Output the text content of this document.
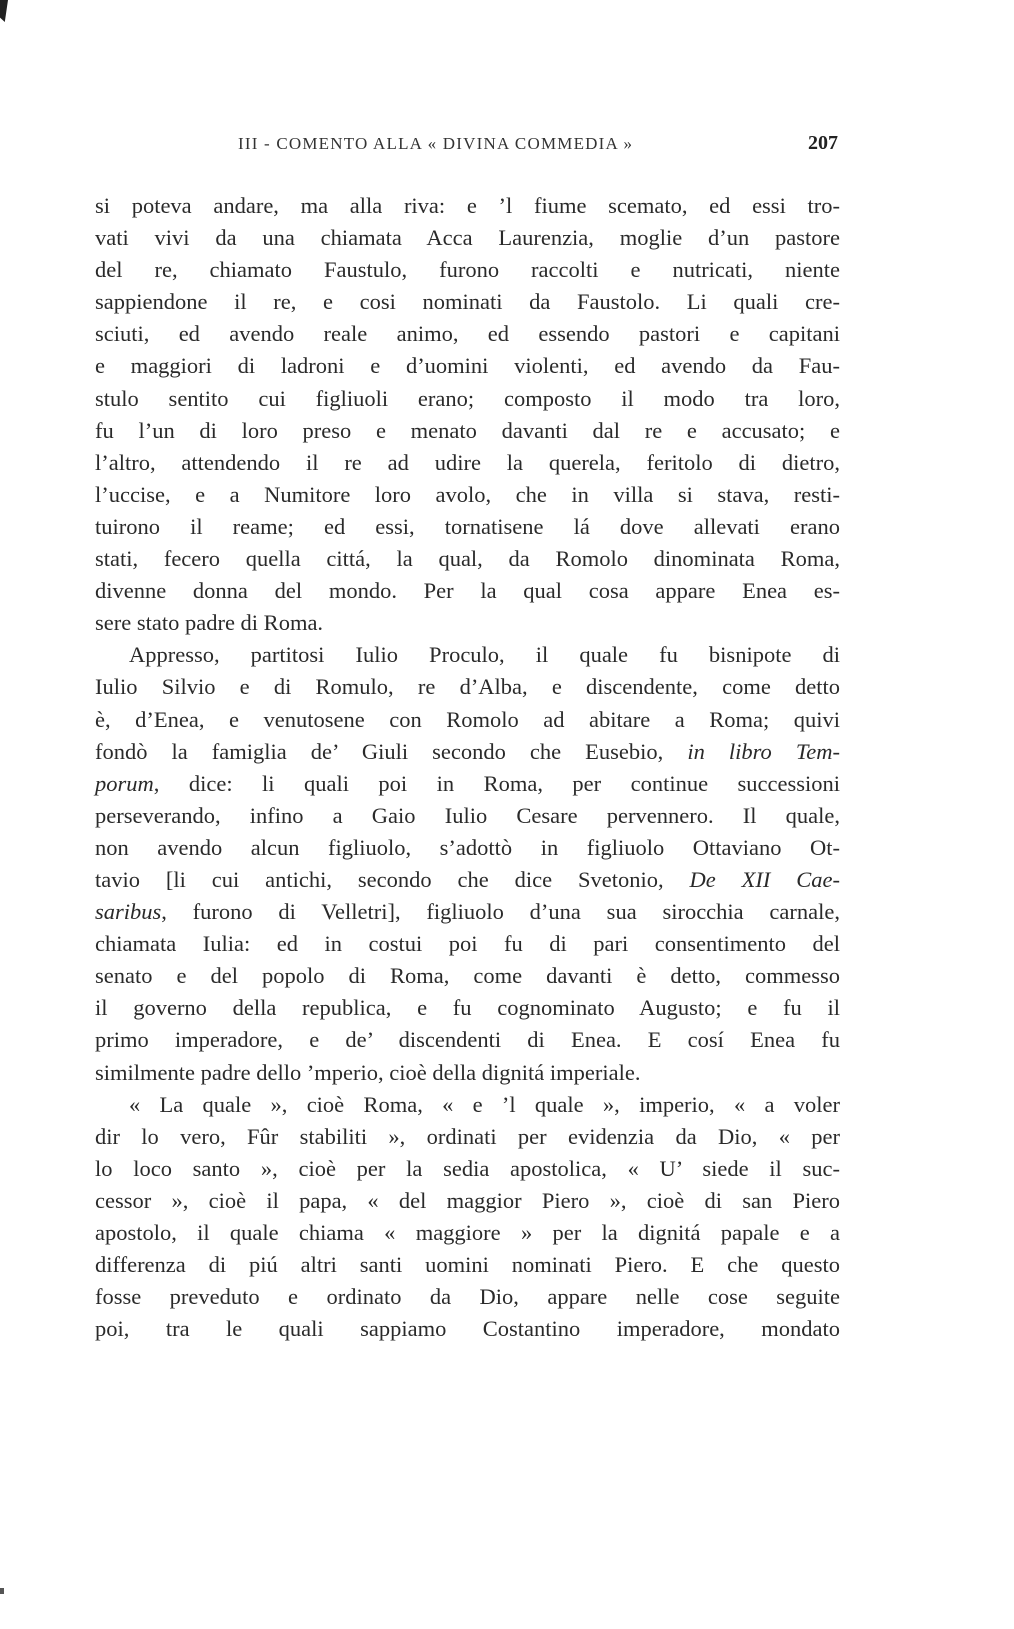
III - COMENTO ALLA « DIVINA COMMEDIA »	207
si poteva andare, ma alla riva: e ’l fiume scemato, ed essi tro-
vati vivi da una chiamata Acca Laurenzia, moglie d’un pastore
del re, chiamato Faustulo, furono raccolti e nutricati, niente
sappiendone il re, e cosi nominati da Faustolo. Li quali cre-
sciuti, ed avendo reale animo, ed essendo pastori e capitani
e maggiori di ladroni e d’uomini violenti, ed avendo da Fau-
stulo sentito cui figliuoli erano; composto il modo tra loro,
fu l’un di loro preso e menato davanti dal re e accusato; e
l’altro, attendendo il re ad udire la querela, feritolo di dietro,
l’uccise, e a Numitore loro avolo, che in villa si stava, resti-
tuirono il reame; ed essi, tornatisene lá dove allevati erano
stati, fecero quella cittá, la qual, da Romolo dinominata Roma,
divenne donna del mondo. Per la qual cosa appare Enea es-
sere stato padre di Roma.
Appresso, partitosi Iulio Proculo, il quale fu bisnipote di
Iulio Silvio e di Romulo, re d’Alba, e discendente, come detto
è, d’Enea, e venutosene con Romolo ad abitare a Roma; quivi
fondò la famiglia de’ Giuli secondo che Eusebio, in libro Tem-
porum, dice: li quali poi in Roma, per continue successioni
perseverando, infino a Gaio Iulio Cesare pervennero. Il quale,
non avendo alcun figliuolo, s’adottò in figliuolo Ottaviano Ot-
tavio [li cui antichi, secondo che dice Svetonio, De XII Cae-
saribus, furono di Velletri], figliuolo d’una sua sirocchia carnale,
chiamata Iulia: ed in costui poi fu di pari consentimento del
senato e del popolo di Roma, come davanti è detto, commesso
il governo della republica, e fu cognominato Augusto; e fu il
primo imperadore, e de’ discendenti di Enea. E cosí Enea fu
similmente padre dello ’mperio, cioè della dignitá imperiale.
« La quale », cioè Roma, « e ’l quale », imperio, « a voler
dir lo vero, Fûr stabiliti », ordinati per evidenzia da Dio, « per
lo loco santo », cioè per la sedia apostolica, « U’ siede il suc-
cessor », cioè il papa, « del maggior Piero », cioè di san Piero
apostolo, il quale chiama « maggiore » per la dignitá papale e a
differenza di piú altri santi uomini nominati Piero. E che questo
fosse preveduto e ordinato da Dio, appare nelle cose seguite
poi, tra le quali sappiamo Costantino imperadore, mondato
